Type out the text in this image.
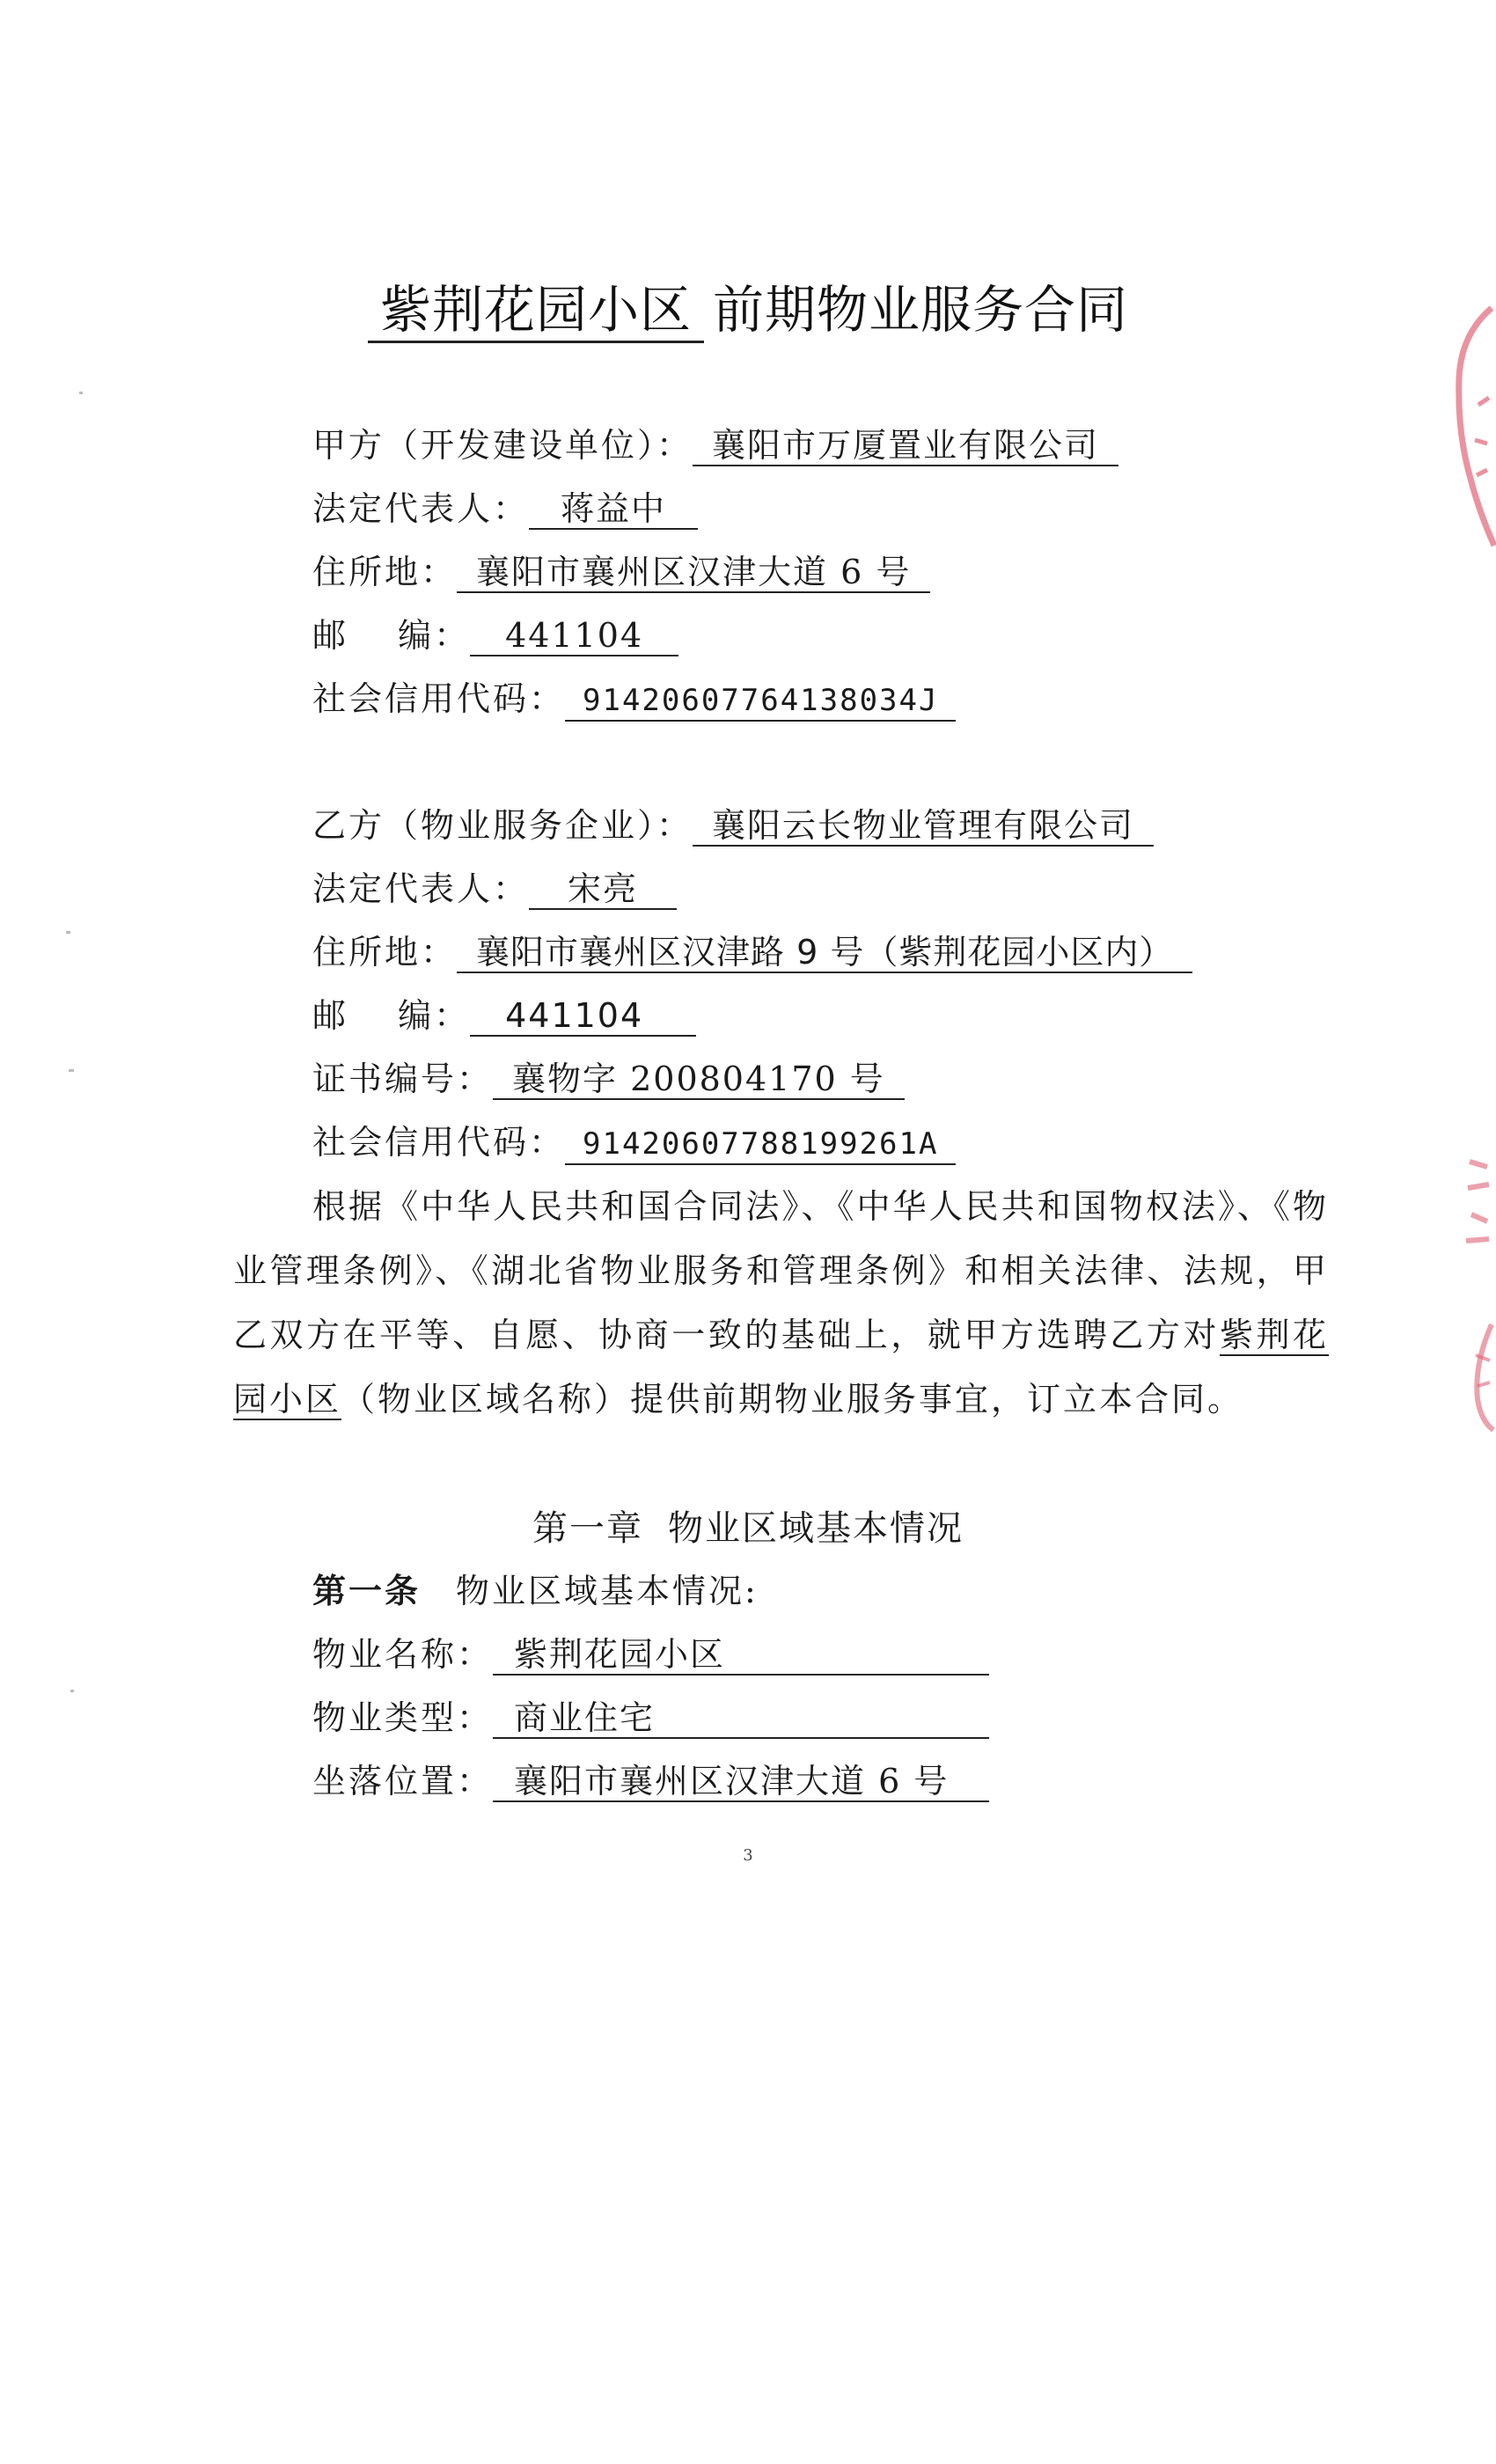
紫荆花园小区 前期物业服务合同
甲方（开发建设单位）： 襄阳市万厦置业有限公司
法定代表人： 蒋益中
住所地： 襄阳市襄州区汉津大道 6 号
邮　 编： 441104
社会信用代码： 91420607764138034J
乙方（物业服务企业）： 襄阳云长物业管理有限公司
法定代表人： 宋亮
住所地： 襄阳市襄州区汉津路 9 号（紫荆花园小区内）
邮　 编： 441104
证书编号： 襄物字 200804170 号
社会信用代码： 91420607788199261A
根据《中华人民共和国合同法》、《中华人民共和国物权法》、《物业管理条例》、《湖北省物业服务和管理条例》和相关法律、法规，甲乙双方在平等、自愿、协商一致的基础上，就甲方选聘乙方对紫荆花园小区（物业区域名称）提供前期物业服务事宜，订立本合同。
第一章 物业区域基本情况
第一条 物业区域基本情况:
物业名称： 紫荆花园小区
物业类型： 商业住宅
坐落位置： 襄阳市襄州区汉津大道 6 号
3
